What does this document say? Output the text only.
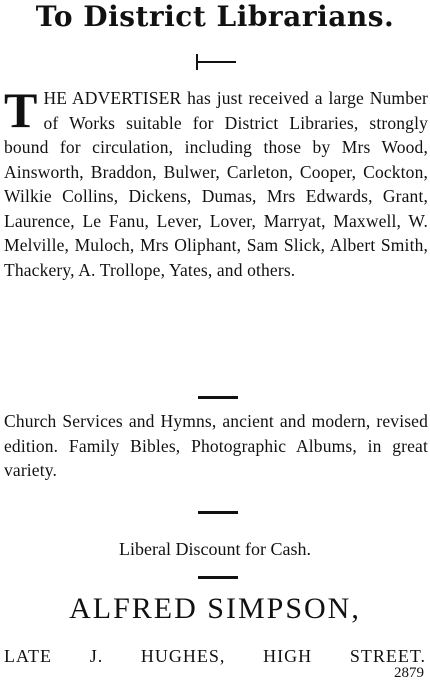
To District Librarians.
THE ADVERTISER has just received a large Number of Works suitable for District Libraries, strongly bound for circulation, including those by Mrs Wood, Ainsworth, Braddon, Bulwer, Carleton, Cooper, Cockton, Wilkie Collins, Dickens, Dumas, Mrs Edwards, Grant, Laurence, Le Fanu, Lever, Lover, Marryat, Maxwell, W. Melville, Muloch, Mrs Oliphant, Sam Slick, Albert Smith, Thackery, A. Trollope, Yates, and others.
Church Services and Hymns, ancient and modern, revised edition. Family Bibles, Photographic Albums, in great variety.
Liberal Discount for Cash.
ALFRED SIMPSON,
LATE J. HUGHES, HIGH STREET.
2879
